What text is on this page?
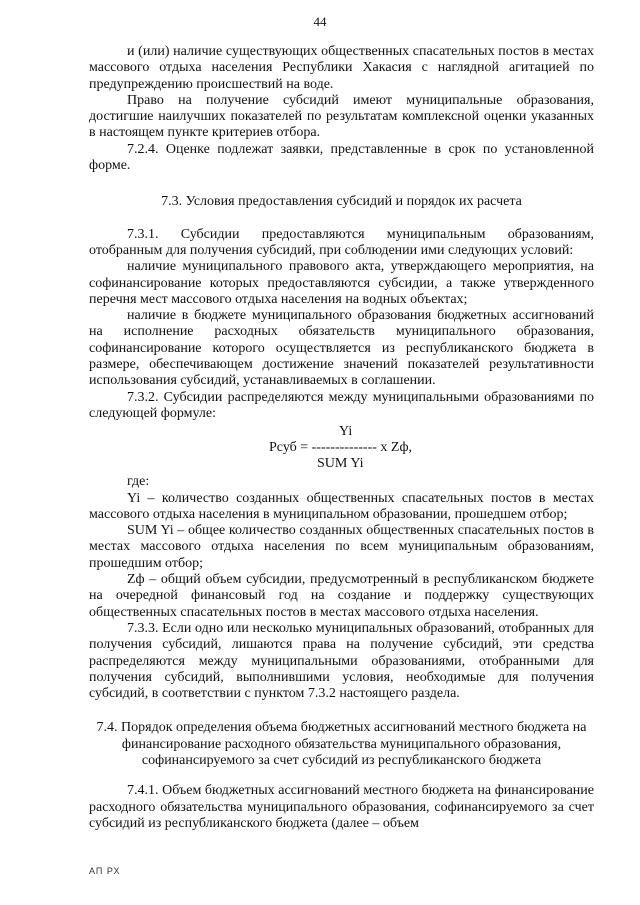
44

и (или) наличие существующих общественных спасательных постов в местах массового отдыха населения Республики Хакасия с наглядной агитацией по предупреждению происшествий на воде.

Право на получение субсидий имеют муниципальные образования, достигшие наилучших показателей по результатам комплексной оценки указанных в настоящем пункте критериев отбора.

7.2.4. Оценке подлежат заявки, представленные в срок по установленной форме.

7.3. Условия предоставления субсидий и порядок их расчета

7.3.1. Субсидии предоставляются муниципальным образованиям, отобранным для получения субсидий, при соблюдении ими следующих условий:

наличие муниципального правового акта, утверждающего мероприятия, на софинансирование которых предоставляются субсидии, а также утвержденного перечня мест массового отдыха населения на водных объектах;

наличие в бюджете муниципального образования бюджетных ассигнований на исполнение расходных обязательств муниципального образования, софинансирование которого осуществляется из республиканского бюджета в размере, обеспечивающем достижение значений показателей результативности использования субсидий, устанавливаемых в соглашении.

7.3.2. Субсидии распределяются между муниципальными образованиями по следующей формуле:

Yi
Рсуб = -------------- х Zф,
SUM Yi

где:

Yi – количество созданных общественных спасательных постов в местах массового отдыха населения в муниципальном образовании, прошедшем отбор;

SUM Yi – общее количество созданных общественных спасательных постов в местах массового отдыха населения по всем муниципальным образованиям, прошедшим отбор;

Zф – общий объем субсидии, предусмотренный в республиканском бюджете на очередной финансовый год на создание и поддержку существующих общественных спасательных постов в местах массового отдыха населения.

7.3.3. Если одно или несколько муниципальных образований, отобранных для получения субсидий, лишаются права на получение субсидий, эти средства распределяются между муниципальными образованиями, отобранными для получения субсидий, выполнившими условия, необходимые для получения субсидий, в соответствии с пунктом 7.3.2 настоящего раздела.

7.4. Порядок определения объема бюджетных ассигнований местного бюджета на

финансирование расходного обязательства муниципального образования,

софинансируемого за счет субсидий из республиканского бюджета

7.4.1. Объем бюджетных ассигнований местного бюджета на финансирование расходного обязательства муниципального образования, софинансируемого за счет субсидий из республиканского бюджета (далее – объем

АП РХ
